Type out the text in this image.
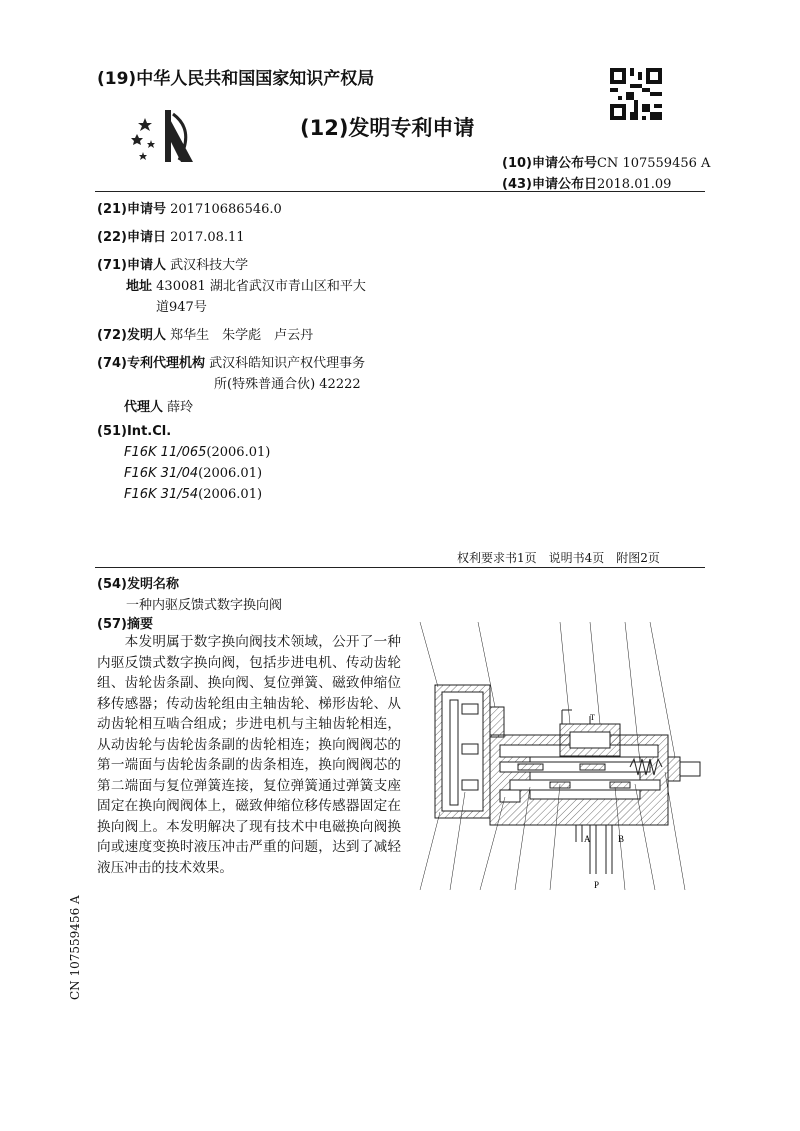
(19)中华人民共和国国家知识产权局
(12)发明专利申请
(10)申请公布号CN 107559456 A
(43)申请公布日2018.01.09
(21)申请号 201710686546.0
(22)申请日 2017.08.11
(71)申请人 武汉科技大学
地址 430081 湖北省武汉市青山区和平大
道947号
(72)发明人 郑华生　朱学彪　卢云丹
(74)专利代理机构 武汉科皓知识产权代理事务
所(特殊普通合伙) 42222
代理人 薛玲
(51)Int.Cl.
F16K 11/065(2006.01)
F16K 31/04(2006.01)
F16K 31/54(2006.01)
权利要求书1页　说明书4页　附图2页
(54)发明名称
一种内驱反馈式数字换向阀
(57)摘要
　　本发明属于数字换向阀技术领域，公开了一种内驱反馈式数字换向阀，包括步进电机、传动齿轮组、齿轮齿条副、换向阀、复位弹簧、磁致伸缩位移传感器；传动齿轮组由主轴齿轮、梯形齿轮、从动齿轮相互啮合组成；步进电机与主轴齿轮相连，从动齿轮与齿轮齿条副的齿轮相连；换向阀阀芯的第一端面与齿轮齿条副的齿条相连，换向阀阀芯的第二端面与复位弹簧连接，复位弹簧通过弹簧支座固定在换向阀阀体上，磁致伸缩位移传感器固定在换向阀上。本发明解决了现有技术中电磁换向阀换向或速度变换时液压冲击严重的问题，达到了减轻液压冲击的技术效果。
CN 107559456 A
A	B
P
T
